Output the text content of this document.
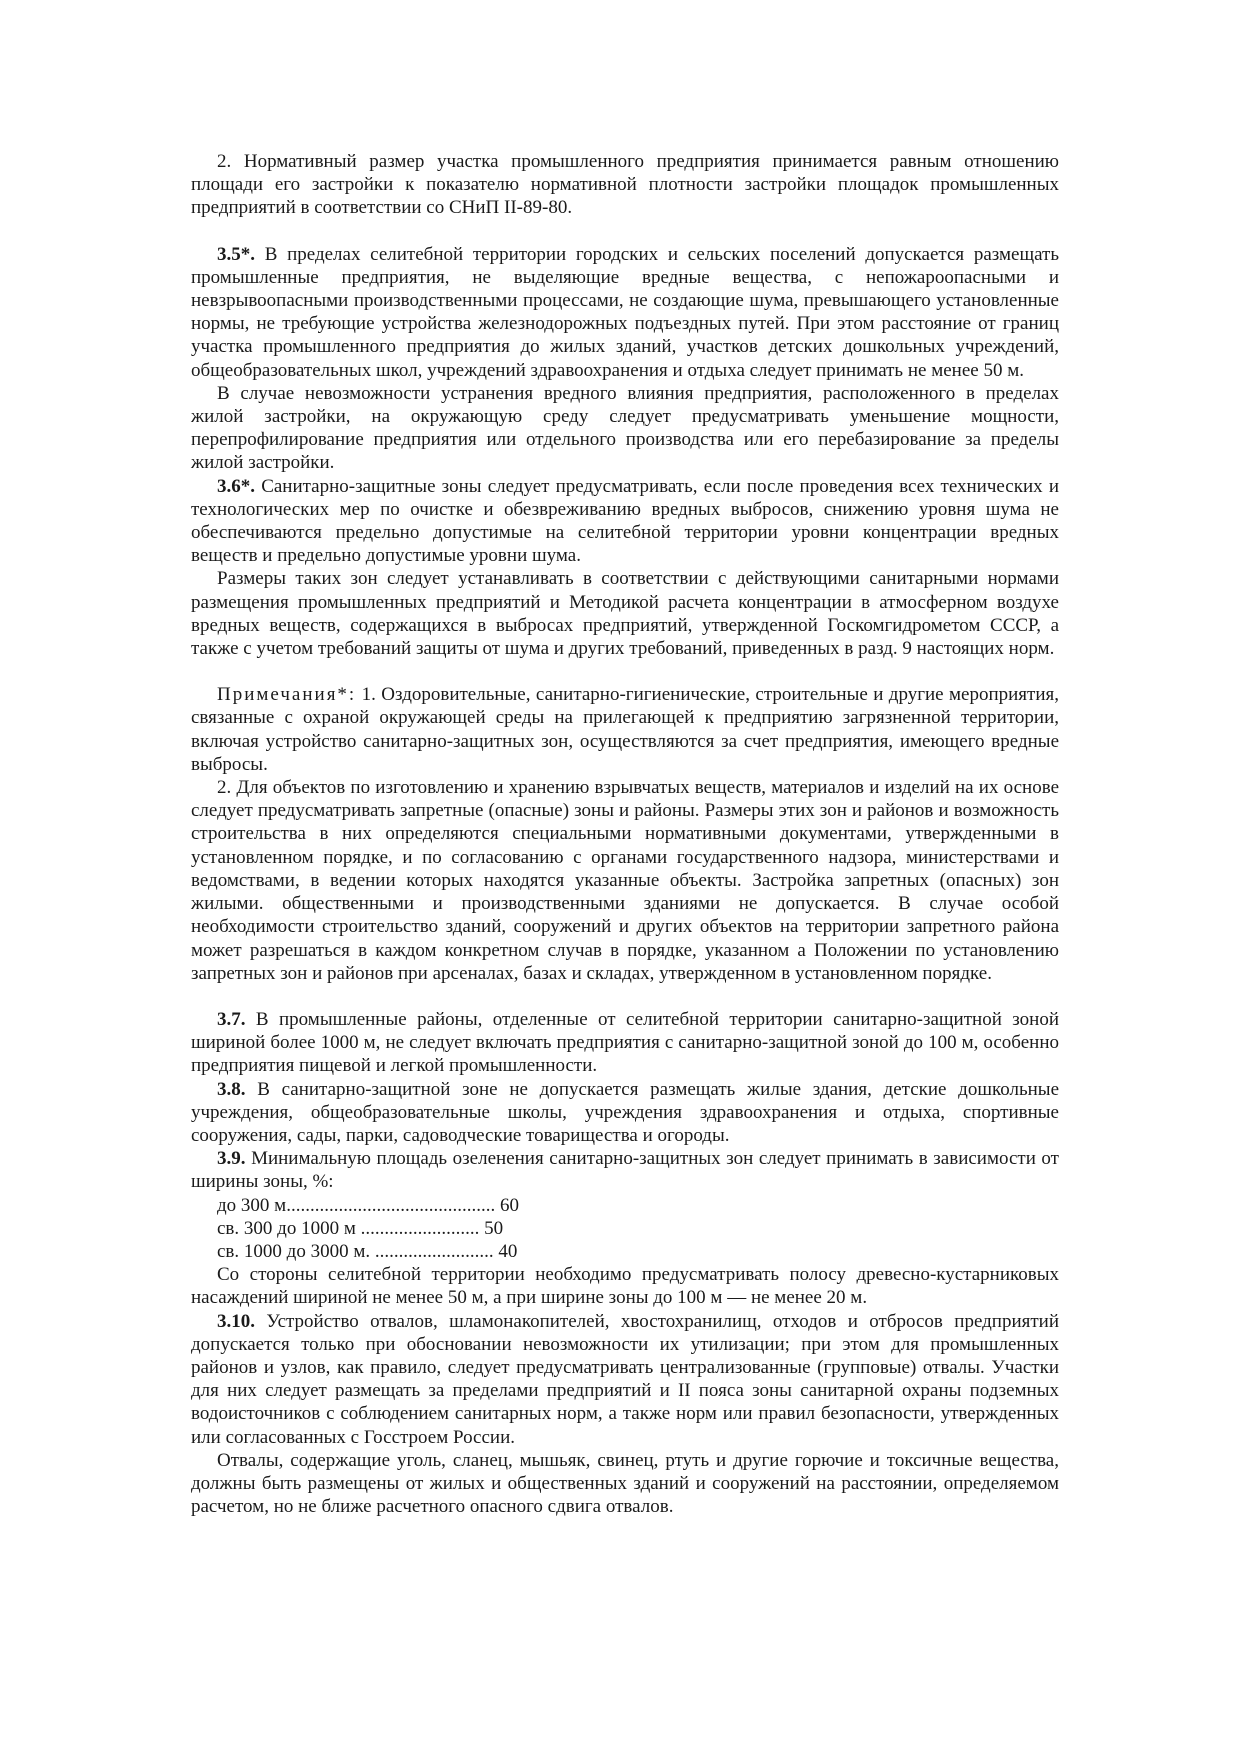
2. Нормативный размер участка промышленного предприятия принимается равным отношению площади его застройки к показателю нормативной плотности застройки площадок промышленных предприятий в соответствии со СНиП II-89-80.

3.5*. В пределах селитебной территории городских и сельских поселений допускается размещать промышленные предприятия, не выделяющие вредные вещества, с непожароопасными и невзрывоопасными производственными процессами, не создающие шума, превышающего установленные нормы, не требующие устройства железнодорожных подъездных путей. При этом расстояние от границ участка промышленного предприятия до жилых зданий, участков детских дошкольных учреждений, общеобразовательных школ, учреждений здравоохранения и отдыха следует принимать не менее 50 м.

В случае невозможности устранения вредного влияния предприятия, расположенного в пределах жилой застройки, на окружающую среду следует предусматривать уменьшение мощности, перепрофилирование предприятия или отдельного производства или его перебазирование за пределы жилой застройки.

3.6*. Санитарно-защитные зоны следует предусматривать, если после проведения всех технических и технологических мер по очистке и обезвреживанию вредных выбросов, снижению уровня шума не обеспечиваются предельно допустимые на селитебной территории уровни концентрации вредных веществ и предельно допустимые уровни шума.

Размеры таких зон следует устанавливать в соответствии с действующими санитарными нормами размещения промышленных предприятий и Методикой расчета концентрации в атмосферном воздухе вредных веществ, содержащихся в выбросах предприятий, утвержденной Госкомгидрометом СССР, а также с учетом требований защиты от шума и других требований, приведенных в разд. 9 настоящих норм.

Примечания*: 1. Оздоровительные, санитарно-гигиенические, строительные и другие мероприятия, связанные с охраной окружающей среды на прилегающей к предприятию загрязненной территории, включая устройство санитарно-защитных зон, осуществляются за счет предприятия, имеющего вредные выбросы.

2. Для объектов по изготовлению и хранению взрывчатых веществ, материалов и изделий на их основе следует предусматривать запретные (опасные) зоны и районы. Размеры этих зон и районов и возможность строительства в них определяются специальными нормативными документами, утвержденными в установленном порядке, и по согласованию с органами государственного надзора, министерствами и ведомствами, в ведении которых находятся указанные объекты. Застройка запретных (опасных) зон жилыми. общественными и производственными зданиями не допускается. В случае особой необходимости строительство зданий, сооружений и других объектов на территории запретного района может разрешаться в каждом конкретном случав в порядке, указанном а Положении по установлению запретных зон и районов при арсеналах, базах и складах, утвержденном в установленном порядке.

3.7. В промышленные районы, отделенные от селитебной территории санитарно-защитной зоной шириной более 1000 м, не следует включать предприятия с санитарно-защитной зоной до 100 м, особенно предприятия пищевой и легкой промышленности.

3.8. В санитарно-защитной зоне не допускается размещать жилые здания, детские дошкольные учреждения, общеобразовательные школы, учреждения здравоохранения и отдыха, спортивные сооружения, сады, парки, садоводческие товарищества и огороды.

3.9. Минимальную площадь озеленения санитарно-защитных зон следует принимать в зависимости от ширины зоны, %:

до 300 м............................................ 60
св. 300 до 1000 м ......................... 50
св. 1000 до 3000 м. ......................... 40

Со стороны селитебной территории необходимо предусматривать полосу древесно-кустарниковых насаждений шириной не менее 50 м, а при ширине зоны до 100 м — не менее 20 м.

3.10. Устройство отвалов, шламонакопителей, хвостохранилищ, отходов и отбросов предприятий допускается только при обосновании невозможности их утилизации; при этом для промышленных районов и узлов, как правило, следует предусматривать централизованные (групповые) отвалы. Участки для них следует размещать за пределами предприятий и II пояса зоны санитарной охраны подземных водоисточников с соблюдением санитарных норм, а также норм или правил безопасности, утвержденных или согласованных с Госстроем России.

Отвалы, содержащие уголь, сланец, мышьяк, свинец, ртуть и другие горючие и токсичные вещества, должны быть размещены от жилых и общественных зданий и сооружений на расстоянии, определяемом расчетом, но не ближе расчетного опасного сдвига отвалов.
